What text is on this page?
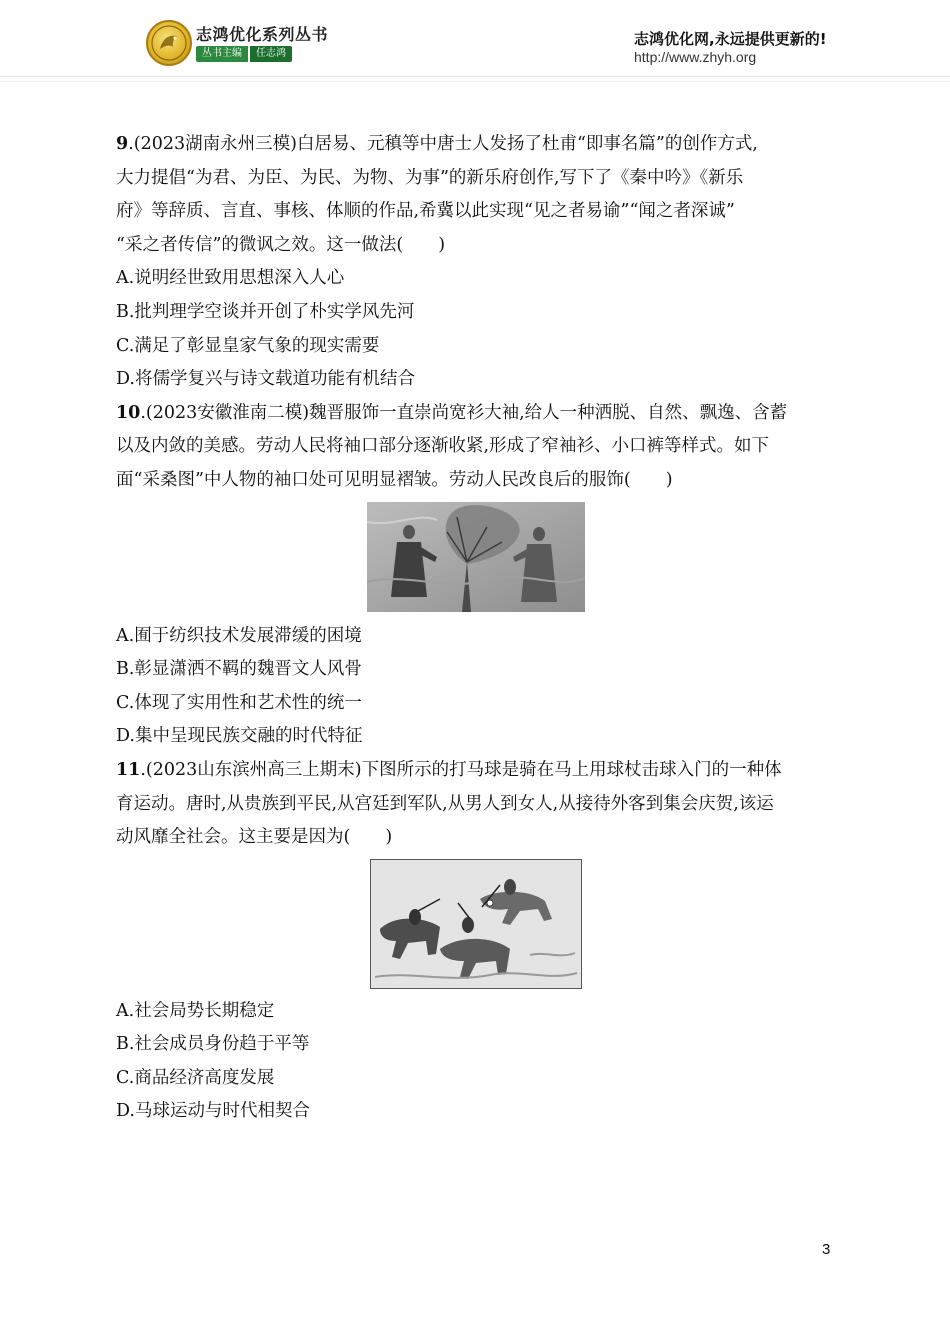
志鸿优化系列丛书
丛书主编	任志鸿
志鸿优化网,永远提供更新的!
http://www.zhyh.org
9.(2023湖南永州三模)白居易、元稹等中唐士人发扬了杜甫“即事名篇”的创作方式,
大力提倡“为君、为臣、为民、为物、为事”的新乐府创作,写下了《秦中吟》《新乐
府》等辞质、言直、事核、体顺的作品,希冀以此实现“见之者易谕”“闻之者深诚”
“采之者传信”的微讽之效。这一做法(　　)
A.说明经世致用思想深入人心
B.批判理学空谈并开创了朴实学风先河
C.满足了彰显皇家气象的现实需要
D.将儒学复兴与诗文载道功能有机结合
10.(2023安徽淮南二模)魏晋服饰一直崇尚宽衫大袖,给人一种洒脱、自然、飘逸、含蓄
以及内敛的美感。劳动人民将袖口部分逐渐收紧,形成了窄袖衫、小口裤等样式。如下
面“采桑图”中人物的袖口处可见明显褶皱。劳动人民改良后的服饰(　　)
A.囿于纺织技术发展滞缓的困境
B.彰显潇洒不羁的魏晋文人风骨
C.体现了实用性和艺术性的统一
D.集中呈现民族交融的时代特征
11.(2023山东滨州高三上期末)下图所示的打马球是骑在马上用球杖击球入门的一种体
育运动。唐时,从贵族到平民,从宫廷到军队,从男人到女人,从接待外客到集会庆贺,该运
动风靡全社会。这主要是因为(　　)
A.社会局势长期稳定
B.社会成员身份趋于平等
C.商品经济高度发展
D.马球运动与时代相契合
3
